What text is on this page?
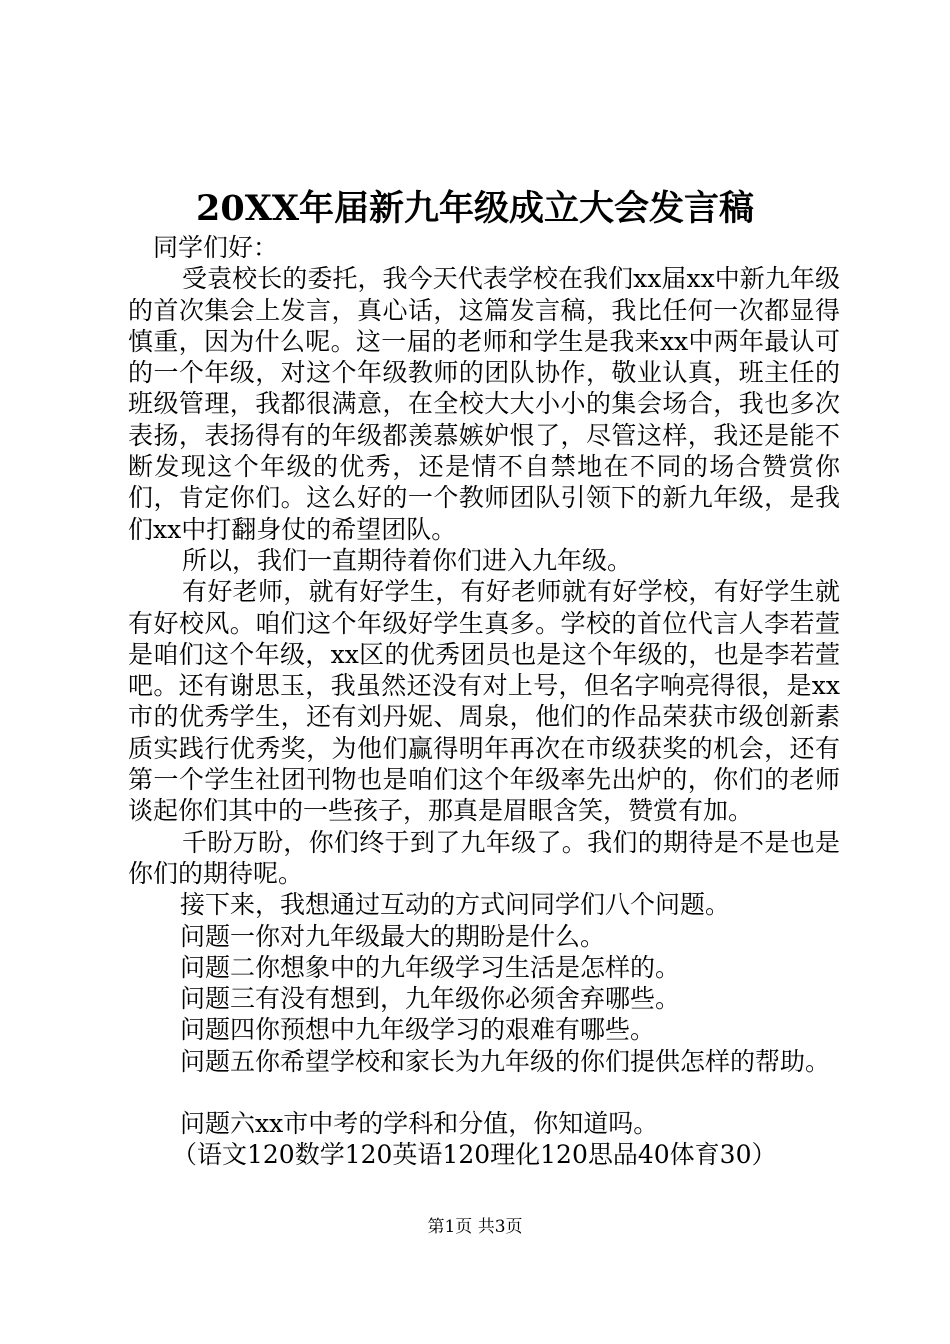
20XX年届新九年级成立大会发言稿

同学们好：

受袁校长的委托，我今天代表学校在我们xx届xx中新九年级的首次集会上发言，真心话，这篇发言稿，我比任何一次都显得慎重，因为什么呢。这一届的老师和学生是我来xx中两年最认可的一个年级，对这个年级教师的团队协作，敬业认真，班主任的班级管理，我都很满意，在全校大大小小的集会场合，我也多次表扬，表扬得有的年级都羡慕嫉妒恨了，尽管这样，我还是能不断发现这个年级的优秀，还是情不自禁地在不同的场合赞赏你们，肯定你们。这么好的一个教师团队引领下的新九年级，是我们xx中打翻身仗的希望团队。

所以，我们一直期待着你们进入九年级。

有好老师，就有好学生，有好老师就有好学校，有好学生就有好校风。咱们这个年级好学生真多。学校的首位代言人李若萱是咱们这个年级，xx区的优秀团员也是这个年级的，也是李若萱吧。还有谢思玉，我虽然还没有对上号，但名字响亮得很，是xx市的优秀学生，还有刘丹妮、周泉，他们的作品荣获市级创新素质实践行优秀奖，为他们赢得明年再次在市级获奖的机会，还有第一个学生社团刊物也是咱们这个年级率先出炉的，你们的老师谈起你们其中的一些孩子，那真是眉眼含笑，赞赏有加。

千盼万盼，你们终于到了九年级了。我们的期待是不是也是你们的期待呢。

接下来，我想通过互动的方式问同学们八个问题。

问题一你对九年级最大的期盼是什么。

问题二你想象中的九年级学习生活是怎样的。

问题三有没有想到，九年级你必须舍弃哪些。

问题四你预想中九年级学习的艰难有哪些。

问题五你希望学校和家长为九年级的你们提供怎样的帮助。

问题六xx市中考的学科和分值，你知道吗。

（语文120数学120英语120理化120思品40体育30）

第1页 共3页
